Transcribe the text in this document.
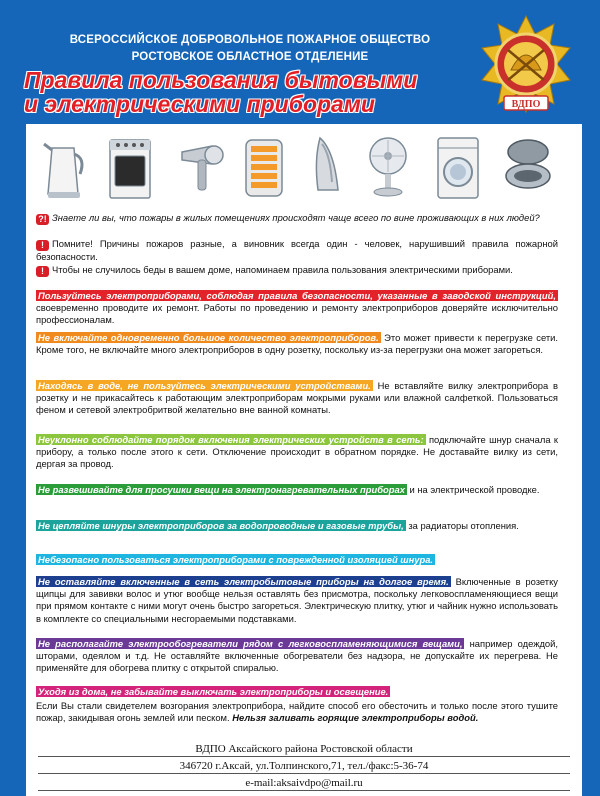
ВСЕРОССИЙСКОЕ ДОБРОВОЛЬНОЕ ПОЖАРНОЕ ОБЩЕСТВО
РОСТОВСКОЕ ОБЛАСТНОЕ ОТДЕЛЕНИЕ
Правила пользования бытовыми
и электрическими приборами	ВДПО
?! Знаете ли вы, что пожары в жилых помещениях происходят чаще всего по вине проживающих в них людей?
! Помните! Причины пожаров разные, а виновник всегда один - человек, нарушивший правила пожарной безопасности.
! Чтобы не случилось беды в вашем доме, напоминаем правила пользования электрическими приборами.
Пользуйтесь электроприборами, соблюдая правила безопасности, указанные в заводской инструкций, своевременно проводите их ремонт. Работы по проведению и ремонту электроприборов доверяйте исключительно профессионалам.
Не включайте одновременно большое количество электроприборов. Это может привести к перегрузке сети. Кроме того, не включайте много электроприборов в одну розетку, поскольку из-за перегрузки она может загореться.
Находясь в воде, не пользуйтесь электрическими устройствами. Не вставляйте вилку электроприбора в розетку и не прикасайтесь к работающим электроприборам мокрыми руками или влажной салфеткой. Пользоваться феном и сетевой электробритвой желательно вне ванной комнаты.
Неуклонно соблюдайте порядок включения электрических устройств в сеть: подключайте шнур сначала к прибору, а только после этого к сети. Отключение происходит в обратном порядке. Не доставайте вилку из сети, дергая за провод.
Не развешивайте для просушки вещи на электронагревательных приборах и на электрической проводке.
Не цепляйте шнуры электроприборов за водопроводные и газовые трубы, за радиаторы отопления.
Небезопасно пользоваться электроприборами с поврежденной изоляцией шнура.
Не оставляйте включенные в сеть электробытовые приборы на долгое время. Включенные в розетку щипцы для завивки волос и утюг вообще нельзя оставлять без присмотра, поскольку легковоспламеняющиеся вещи при прямом контакте с ними могут очень быстро загореться. Электрическую плитку, утюг и чайник нужно использовать в комплекте со специальными несгораемыми подставками.
Не располагайте электрообогреватели рядом с легковоспламеняющимися вещами, например одеждой, шторами, одеялом и т.д. Не оставляйте включенные обогреватели без надзора, не допускайте их перегрева. Не применяйте для обогрева плитку с открытой спиралью.
Уходя из дома, не забывайте выключать электроприборы и освещение.
Если Вы стали свидетелем возгорания электроприбора, найдите способ его обесточить и только после этого тушите пожар, закидывая огонь землей или песком. Нельзя заливать горящие электроприборы водой.
ВДПО Аксайского района Ростовской области
346720 г.Аксай, ул.Толпинского,71, тел./факс:5-36-74
e-mail:aksaivdpo@mail.ru
